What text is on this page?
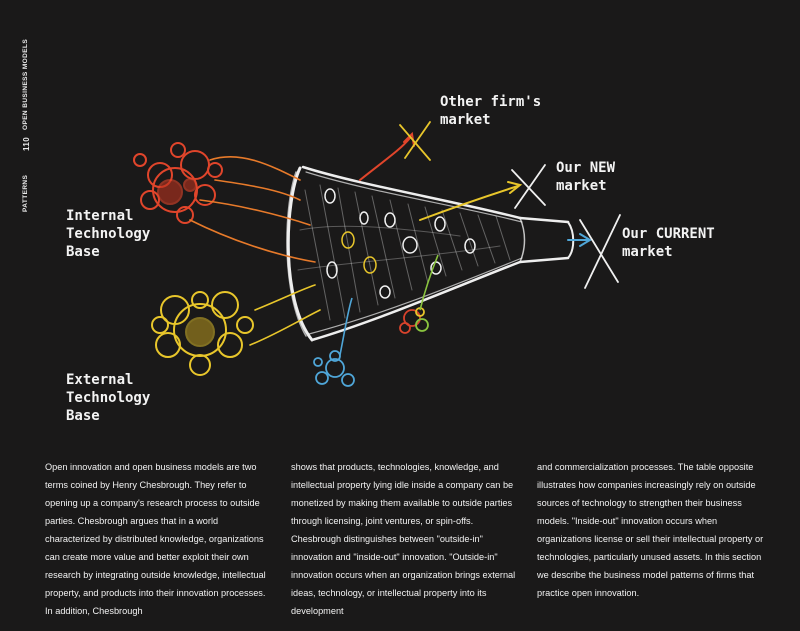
OPEN BUSINESS MODELS
110
PATTERNS
Internal
Technology
Base
External
Technology
Base
Other firm's
market
Our NEW
market
Our CURRENT
market
Open innovation and open business models are two terms coined by Henry Chesbrough. They refer to opening up a company's research process to outside parties. Chesbrough argues that in a world characterized by distributed knowledge, organizations can create more value and better exploit their own research by integrating outside knowledge, intellectual property, and products into their innovation processes. In addition, Chesbrough
shows that products, technologies, knowledge, and intellectual property lying idle inside a company can be monetized by making them available to outside parties through licensing, joint ventures, or spin-offs. Chesbrough distinguishes between "outside-in" innovation and "inside-out" innovation. "Outside-in" innovation occurs when an organization brings external ideas, technology, or intellectual property into its development
and commercialization processes. The table opposite illustrates how companies increasingly rely on outside sources of technology to strengthen their business models. "Inside-out" innovation occurs when organizations license or sell their intellectual property or technologies, particularly unused assets. In this section we describe the business model patterns of firms that practice open innovation.
